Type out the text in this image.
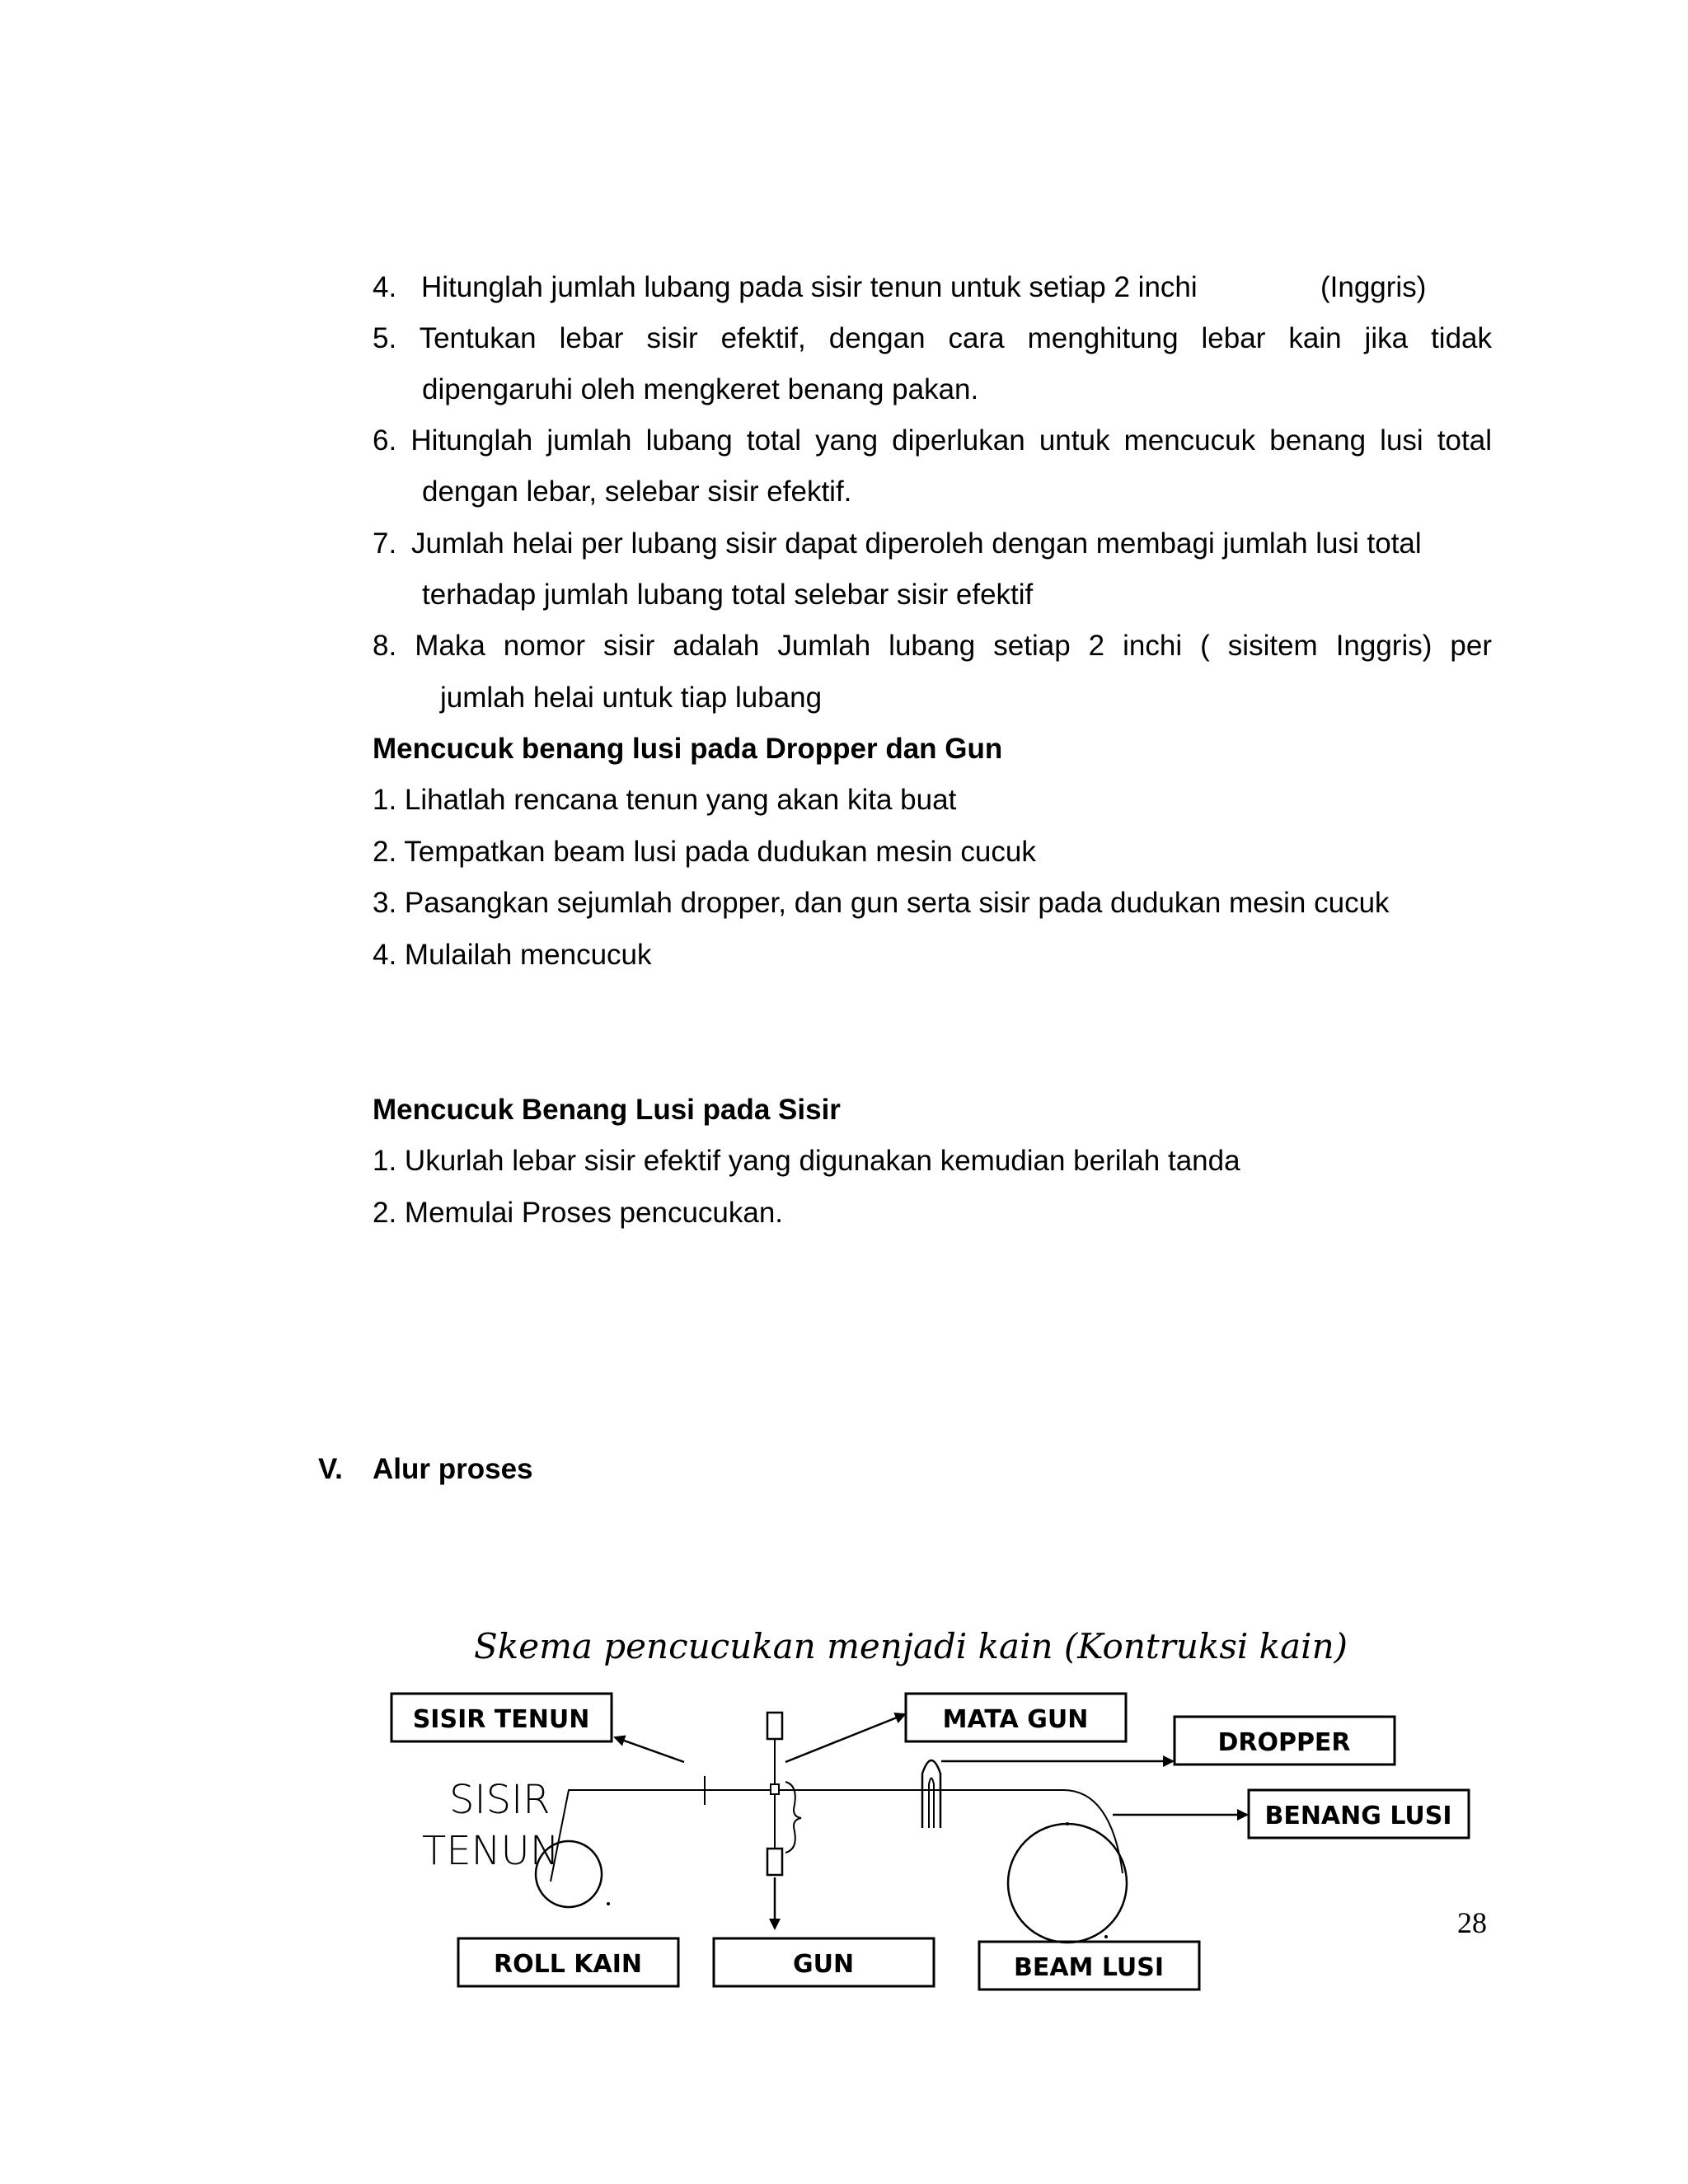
4. Hitunglah jumlah lubang pada sisir tenun untuk setiap 2 inchi	(Inggris)
5. Tentukan lebar sisir efektif, dengan cara menghitung lebar kain jika tidak
dipengaruhi oleh mengkeret benang pakan.
6. Hitunglah jumlah lubang total yang diperlukan untuk mencucuk benang lusi total
dengan lebar, selebar sisir efektif.
7. Jumlah helai per lubang sisir dapat diperoleh dengan membagi jumlah lusi total
terhadap jumlah lubang total selebar sisir efektif
8. Maka nomor sisir adalah Jumlah lubang setiap 2 inchi ( sisitem Inggris) per
jumlah helai untuk tiap lubang
Mencucuk benang lusi pada Dropper dan Gun
1. Lihatlah rencana tenun yang akan kita buat
2. Tempatkan beam lusi pada dudukan mesin cucuk
3. Pasangkan sejumlah dropper, dan gun serta sisir pada dudukan mesin cucuk
4. Mulailah mencucuk
Mencucuk Benang Lusi pada Sisir
1. Ukurlah lebar sisir efektif yang digunakan kemudian berilah tanda
2. Memulai Proses pencucukan.
V. Alur proses
Skema pencucukan menjadi kain (Kontruksi kain)
SISIR TENUN	MATA GUN
DROPPER
BENANG LUSI
ROLL KAIN	GUN	BEAM LUSI
SISIR
TENUN
28
